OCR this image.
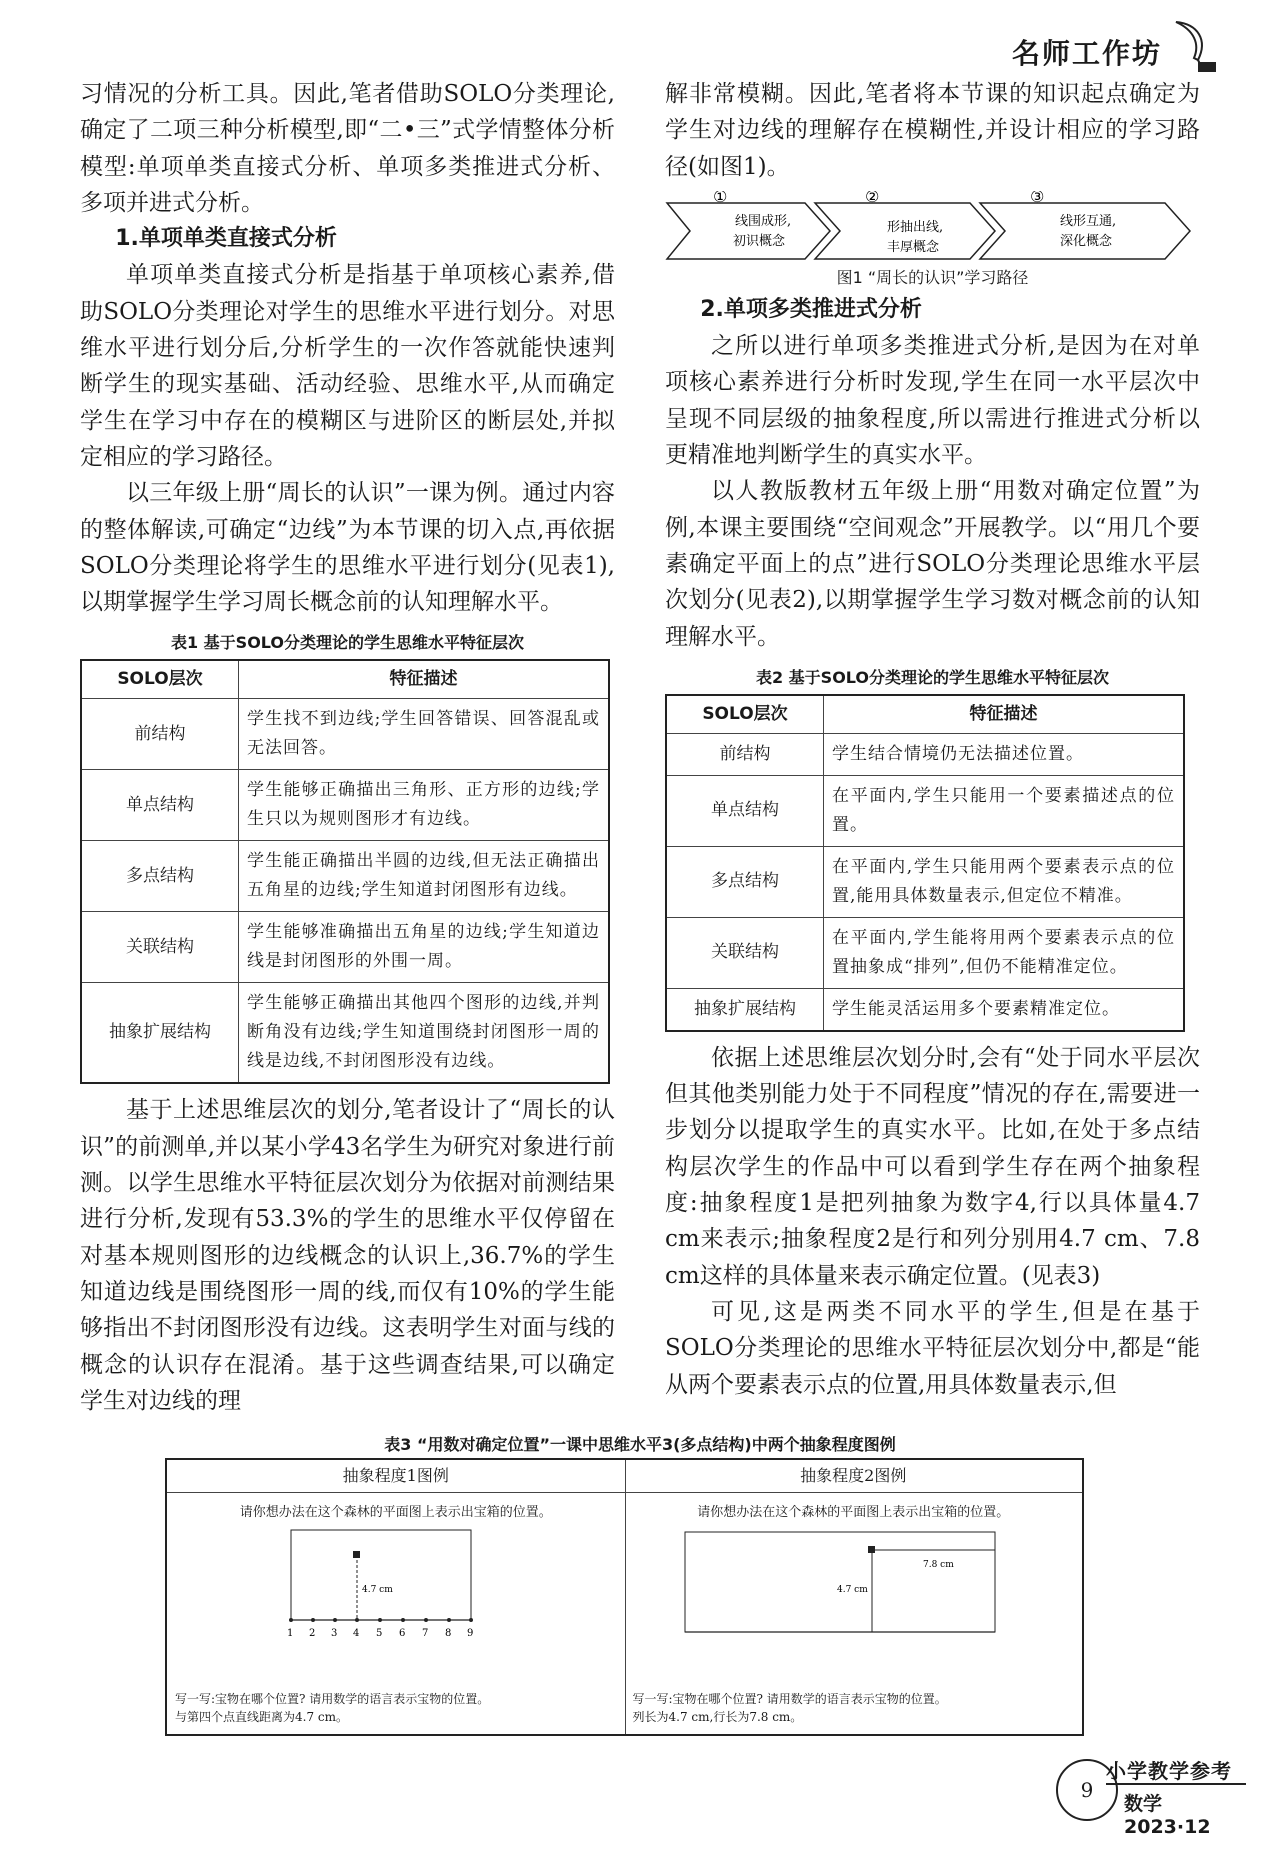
名师工作坊

习情况的分析工具。因此,笔者借助SOLO分类理论,确定了二项三种分析模型,即“二•三”式学情整体分析模型:单项单类直接式分析、单项多类推进式分析、多项并进式分析。

1.单项单类直接式分析

单项单类直接式分析是指基于单项核心素养,借助SOLO分类理论对学生的思维水平进行划分。对思维水平进行划分后,分析学生的一次作答就能快速判断学生的现实基础、活动经验、思维水平,从而确定学生在学习中存在的模糊区与进阶区的断层处,并拟定相应的学习路径。

以三年级上册“周长的认识”一课为例。通过内容的整体解读,可确定“边线”为本节课的切入点,再依据SOLO分类理论将学生的思维水平进行划分(见表1),以期掌握学生学习周长概念前的认知理解水平。

表1 基于SOLO分类理论的学生思维水平特征层次
SOLO层次	特征描述
前结构	学生找不到边线;学生回答错误、回答混乱或无法回答。
单点结构	学生能够正确描出三角形、正方形的边线;学生只以为规则图形才有边线。
多点结构	学生能正确描出半圆的边线,但无法正确描出五角星的边线;学生知道封闭图形有边线。
关联结构	学生能够准确描出五角星的边线;学生知道边线是封闭图形的外围一周。
抽象扩展结构	学生能够正确描出其他四个图形的边线,并判断角没有边线;学生知道围绕封闭图形一周的线是边线,不封闭图形没有边线。

基于上述思维层次的划分,笔者设计了“周长的认识”的前测单,并以某小学43名学生为研究对象进行前测。以学生思维水平特征层次划分为依据对前测结果进行分析,发现有53.3%的学生的思维水平仅停留在对基本规则图形的边线概念的认识上,36.7%的学生知道边线是围绕图形一周的线,而仅有10%的学生能够指出不封闭图形没有边线。这表明学生对面与线的概念的认识存在混淆。基于这些调查结果,可以确定学生对边线的理

解非常模糊。因此,笔者将本节课的知识起点确定为学生对边线的理解存在模糊性,并设计相应的学习路径(如图1)。

①	②	③
线围成形,
初识概念
形抽出线,
丰厚概念
线形互通,
深化概念
图1 “周长的认识”学习路径
2.单项多类推进式分析

之所以进行单项多类推进式分析,是因为在对单项核心素养进行分析时发现,学生在同一水平层次中呈现不同层级的抽象程度,所以需进行推进式分析以更精准地判断学生的真实水平。

以人教版教材五年级上册“用数对确定位置”为例,本课主要围绕“空间观念”开展教学。以“用几个要素确定平面上的点”进行SOLO分类理论思维水平层次划分(见表2),以期掌握学生学习数对概念前的认知理解水平。

表2 基于SOLO分类理论的学生思维水平特征层次
SOLO层次	特征描述
前结构	学生结合情境仍无法描述位置。
单点结构	在平面内,学生只能用一个要素描述点的位置。
多点结构	在平面内,学生只能用两个要素表示点的位置,能用具体数量表示,但定位不精准。
关联结构	在平面内,学生能将用两个要素表示点的位置抽象成“排列”,但仍不能精准定位。
抽象扩展结构	学生能灵活运用多个要素精准定位。

依据上述思维层次划分时,会有“处于同水平层次但其他类别能力处于不同程度”情况的存在,需要进一步划分以提取学生的真实水平。比如,在处于多点结构层次学生的作品中可以看到学生存在两个抽象程度:抽象程度1是把列抽象为数字4,行以具体量4.7 cm来表示;抽象程度2是行和列分别用4.7 cm、7.8 cm这样的具体量来表示确定位置。(见表3)

可见,这是两类不同水平的学生,但是在基于SOLO分类理论的思维水平特征层次划分中,都是“能从两个要素表示点的位置,用具体数量表示,但

表3 “用数对确定位置”一课中思维水平3(多点结构)中两个抽象程度图例
抽象程度1图例
请你想办法在这个森林的平面图上表示出宝箱的位置。
4.7 cm
1 2 3 4 5 6 7 8 9
写一写:宝物在哪个位置? 请用数学的语言表示宝物的位置。
与第四个点直线距离为4.7 cm。
抽象程度2图例
请你想办法在这个森林的平面图上表示出宝箱的位置。
7.8 cm
4.7 cm
写一写:宝物在哪个位置? 请用数学的语言表示宝物的位置。
列长为4.7 cm,行长为7.8 cm。
9
小学教学参考
数学 2023·12
